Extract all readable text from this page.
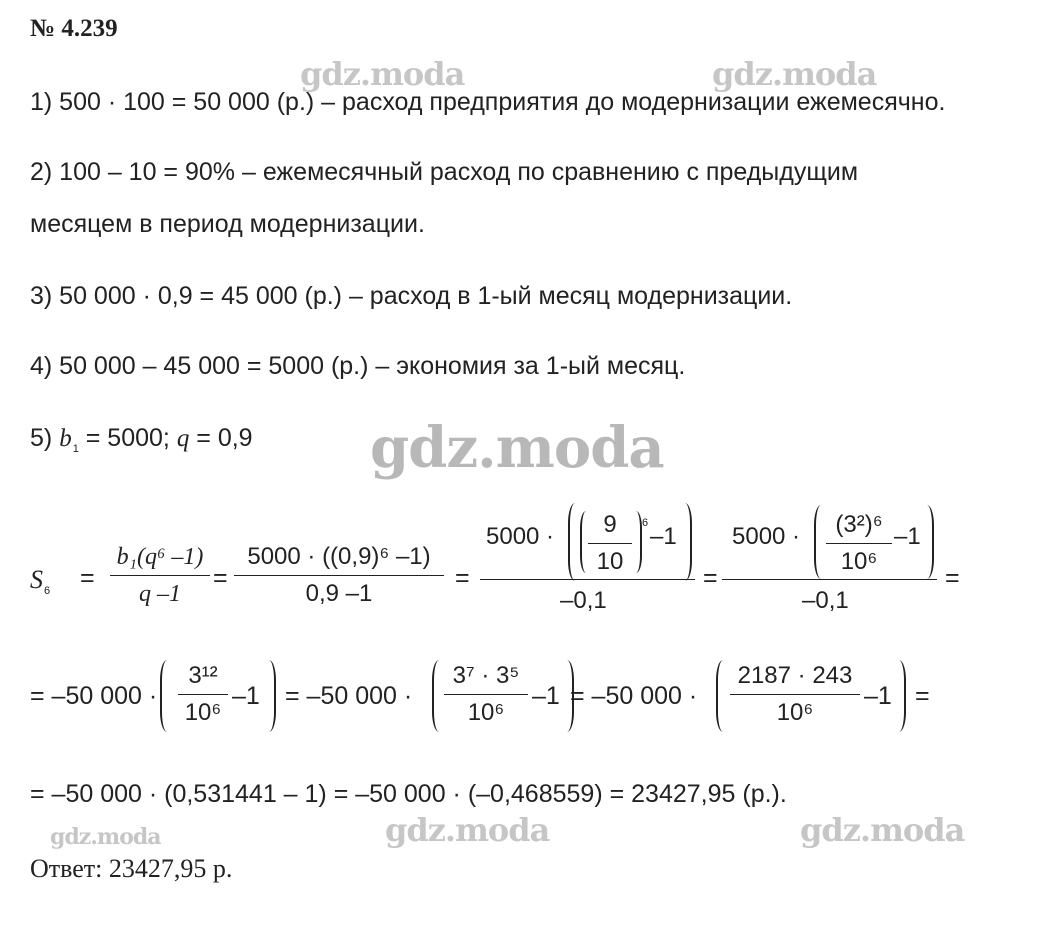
gdz.moda	gdz.moda
gdz.moda
gdz.moda	gdz.moda	gdz.moda
№ 4.239
1) 500 · 100 = 50 000 (р.) – расход предприятия до модернизации ежемесячно.
2) 100 – 10 = 90% – ежемесячный расход по сравнению с предыдущим
месяцем в период модернизации.
3) 50 000 · 0,9 = 45 000 (р.) – расход в 1-ый месяц модернизации.
4) 50 000 – 45 000 = 5000 (р.) – экономия за 1-ый месяц.
5) $b_1 = 5000$; q = 0,9
$S_6$ =
b₁(q⁶ –1)
q –1
=
5000 · ((0,9)⁶ –1)
0,9 –1
=
5000 ·	9
10
6 –1
–0,1
=
5000 ·	(3²)⁶
10⁶
–1
–0,1
=
= –50 000 ·
3¹²
10⁶
–1 = –50 000 ·
3⁷ · 3⁵
10⁶
–1 = –50 000 ·
2187 · 243
10⁶
–1 =
= –50 000 · (0,531441 – 1) = –50 000 · (–0,468559) = 23427,95 (р.).
Ответ: 23427,95 р.
